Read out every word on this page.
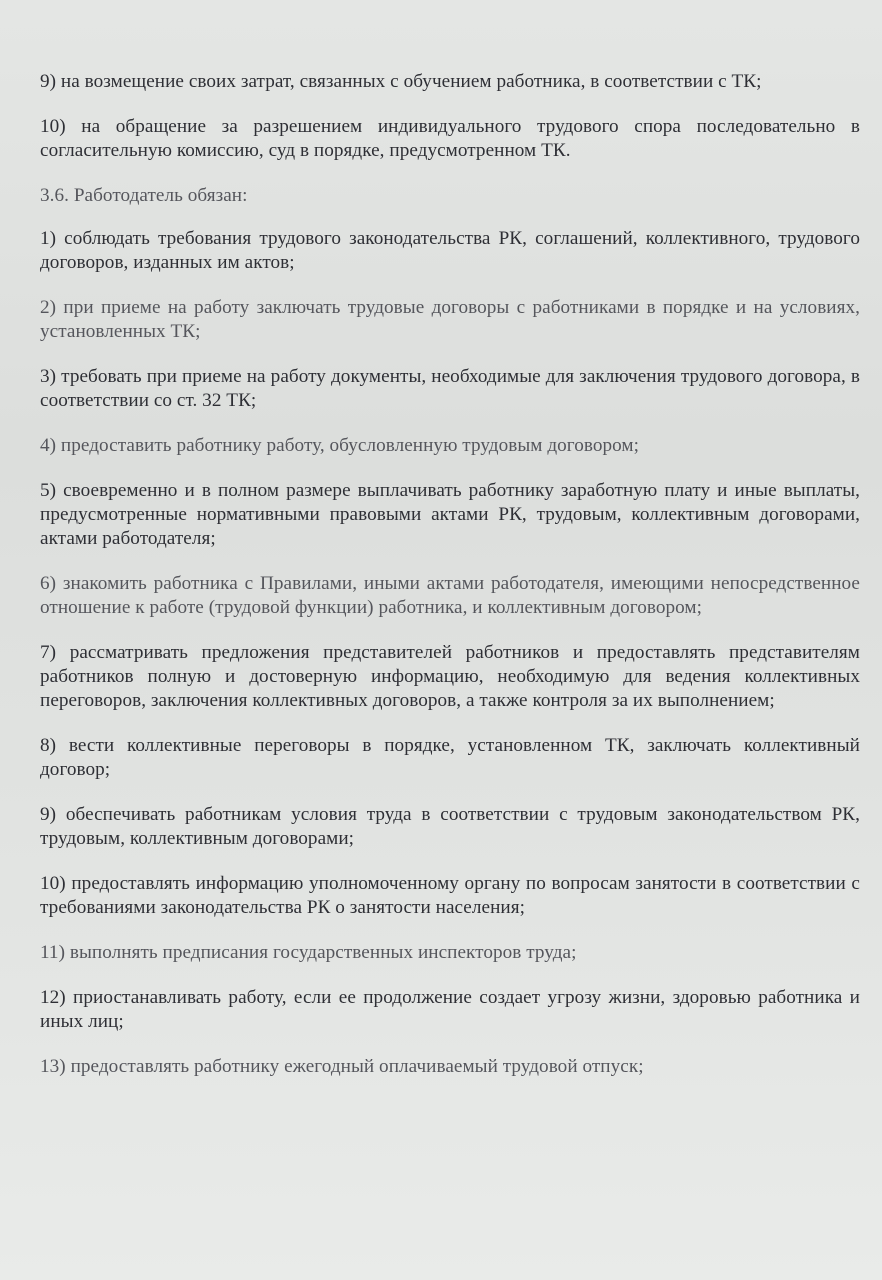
9) на возмещение своих затрат, связанных с обучением работника, в соответствии с ТК;

10) на обращение за разрешением индивидуального трудового спора последовательно в согласительную комиссию, суд в порядке, предусмотренном ТК.

3.6. Работодатель обязан:

1) соблюдать требования трудового законодательства РК, соглашений, коллективного, трудового договоров, изданных им актов;

2) при приеме на работу заключать трудовые договоры с работниками в порядке и на условиях, установленных ТК;

3) требовать при приеме на работу документы, необходимые для заключения трудового договора, в соответствии со ст. 32 ТК;

4) предоставить работнику работу, обусловленную трудовым договором;

5) своевременно и в полном размере выплачивать работнику заработную плату и иные выплаты, предусмотренные нормативными правовыми актами РК, трудовым, коллективным договорами, актами работодателя;

6) знакомить работника с Правилами, иными актами работодателя, имеющими непосредственное отношение к работе (трудовой функции) работника, и коллективным договором;

7) рассматривать предложения представителей работников и предоставлять представителям работников полную и достоверную информацию, необходимую для ведения коллективных переговоров, заключения коллективных договоров, а также контроля за их выполнением;

8) вести коллективные переговоры в порядке, установленном ТК, заключать коллективный договор;

9) обеспечивать работникам условия труда в соответствии с трудовым законодательством РК, трудовым, коллективным договорами;

10) предоставлять информацию уполномоченному органу по вопросам занятости в соответствии с требованиями законодательства РК о занятости населения;

11) выполнять предписания государственных инспекторов труда;

12) приостанавливать работу, если ее продолжение создает угрозу жизни, здоровью работника и иных лиц;

13) предоставлять работнику ежегодный оплачиваемый трудовой отпуск;
